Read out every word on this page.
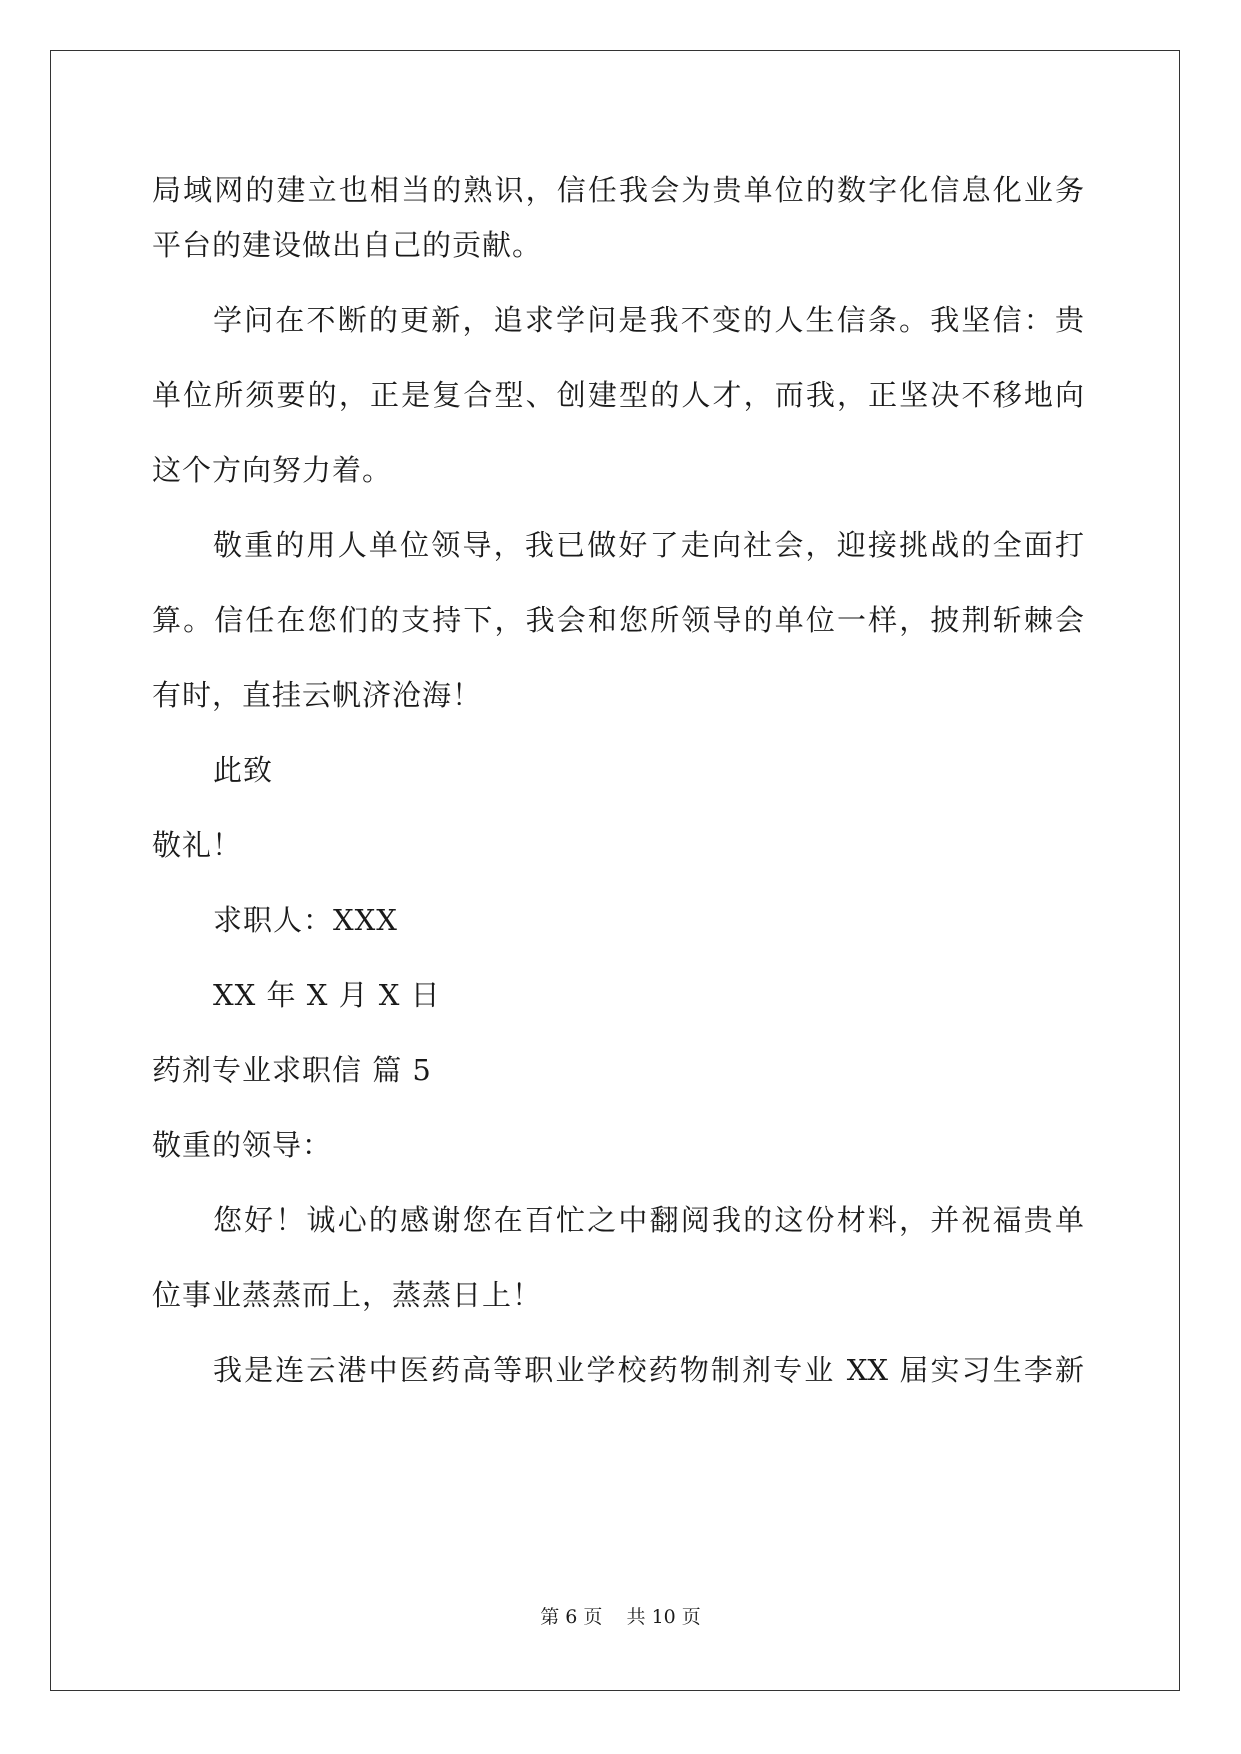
局域网的建立也相当的熟识，信任我会为贵单位的数字化信息化业务
平台的建设做出自己的贡献。
学问在不断的更新，追求学问是我不变的人生信条。我坚信：贵
单位所须要的，正是复合型、创建型的人才，而我，正坚决不移地向
这个方向努力着。
敬重的用人单位领导，我已做好了走向社会，迎接挑战的全面打
算。信任在您们的支持下，我会和您所领导的单位一样，披荆斩棘会
有时，直挂云帆济沧海！
此致
敬礼！
求职人：XXX
XX 年 X 月 X 日
药剂专业求职信 篇 5
敬重的领导：
您好！诚心的感谢您在百忙之中翻阅我的这份材料，并祝福贵单
位事业蒸蒸而上，蒸蒸日上！
我是连云港中医药高等职业学校药物制剂专业 XX 届实习生李新
第 6 页    共 10 页
